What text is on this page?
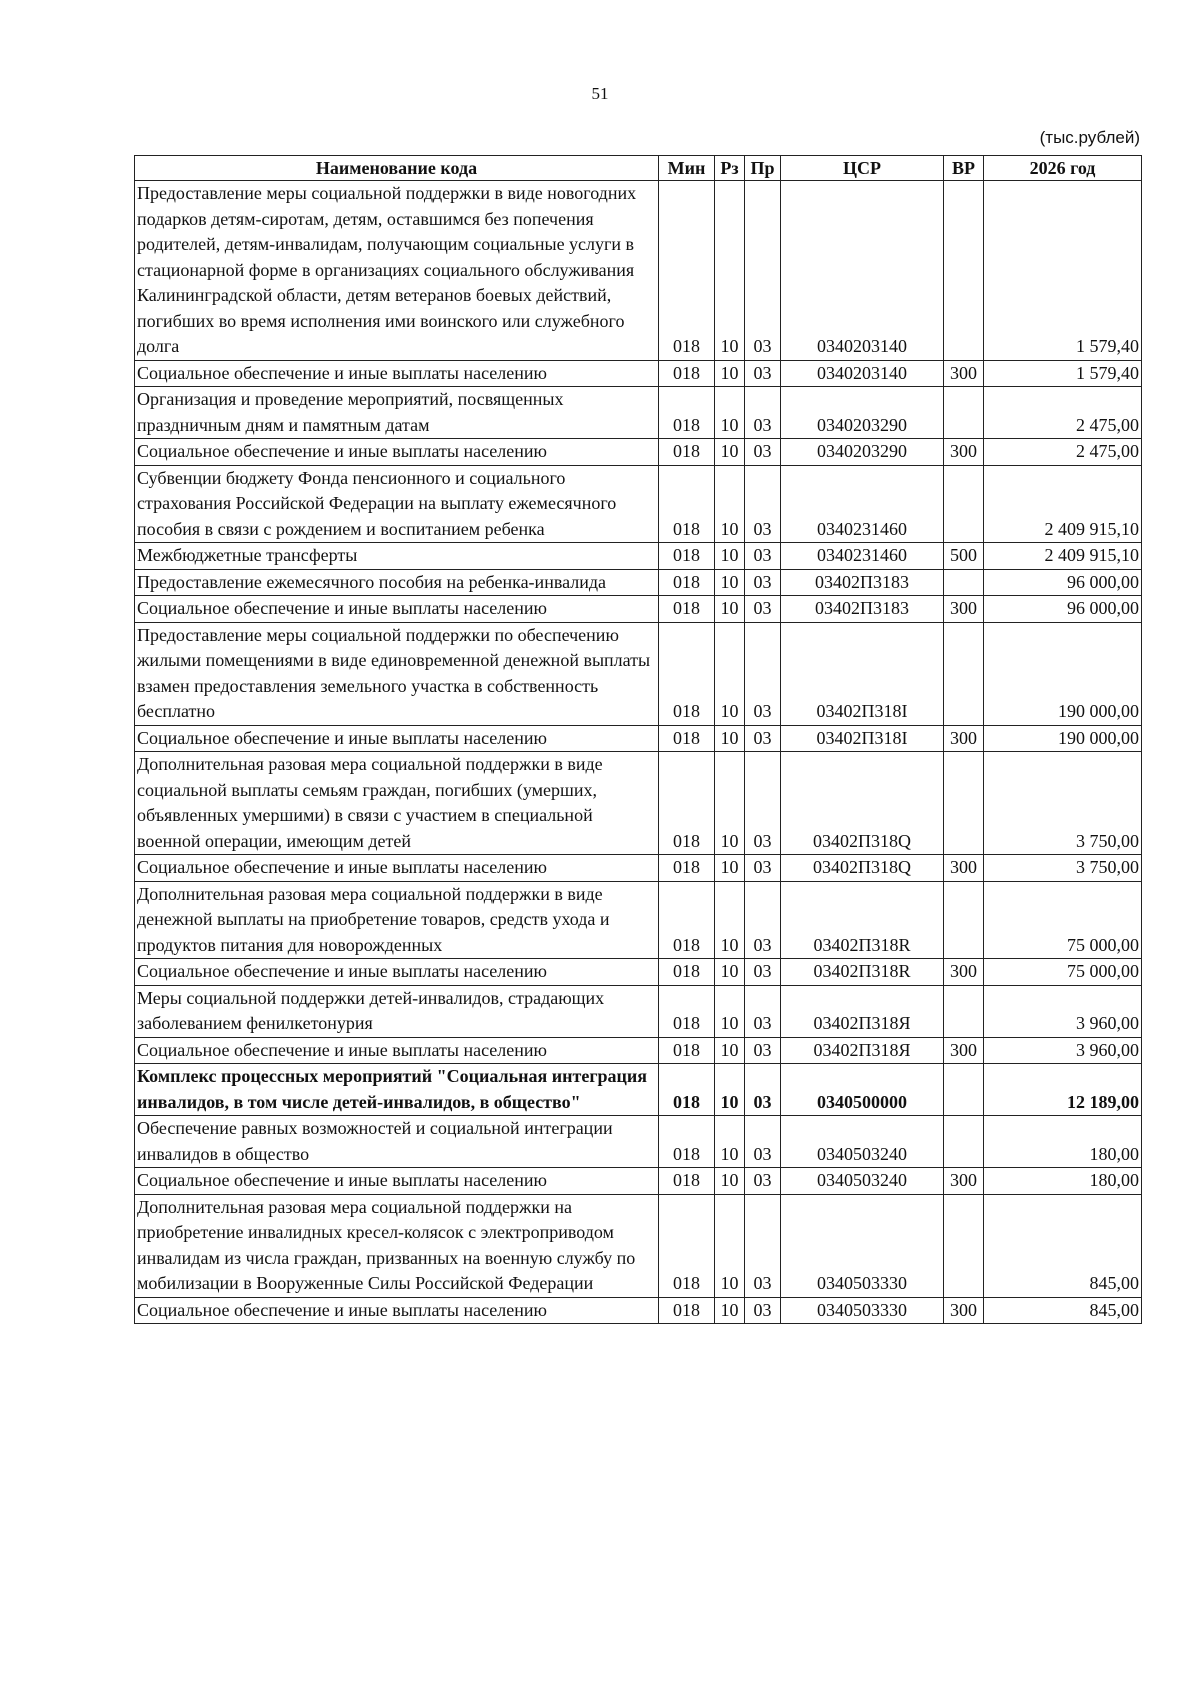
51
(тыс.рублей)
Наименование кода	Мин	Рз	Пр	ЦСР	ВР	2026 год
Предоставление меры социальной поддержки в виде новогодних подарков детям-сиротам, детям, оставшимся без попечения родителей, детям-инвалидам, получающим социальные услуги в стационарной форме в организациях социального обслуживания Калининградской области, детям ветеранов боевых действий, погибших во время исполнения ими воинского или служебного долга	018	10	03	0340203140		1 579,40
Социальное обеспечение и иные выплаты населению	018	10	03	0340203140	300	1 579,40
Организация и проведение мероприятий, посвященных праздничным дням и памятным датам	018	10	03	0340203290		2 475,00
Социальное обеспечение и иные выплаты населению	018	10	03	0340203290	300	2 475,00
Субвенции бюджету Фонда пенсионного и социального страхования Российской Федерации на выплату ежемесячного пособия в связи с рождением и воспитанием ребенка	018	10	03	0340231460		2 409 915,10
Межбюджетные трансферты	018	10	03	0340231460	500	2 409 915,10
Предоставление ежемесячного пособия на ребенка-инвалида	018	10	03	03402П3183		96 000,00
Социальное обеспечение и иные выплаты населению	018	10	03	03402П3183	300	96 000,00
Предоставление меры социальной поддержки по обеспечению жилыми помещениями в виде единовременной денежной выплаты взамен предоставления земельного участка в собственность бесплатно	018	10	03	03402П318I		190 000,00
Социальное обеспечение и иные выплаты населению	018	10	03	03402П318I	300	190 000,00
Дополнительная разовая мера социальной поддержки в виде социальной выплаты семьям граждан, погибших (умерших, объявленных умершими) в связи с участием в специальной военной операции, имеющим детей	018	10	03	03402П318Q		3 750,00
Социальное обеспечение и иные выплаты населению	018	10	03	03402П318Q	300	3 750,00
Дополнительная разовая мера социальной поддержки в виде денежной выплаты на приобретение товаров, средств ухода и продуктов питания для новорожденных	018	10	03	03402П318R		75 000,00
Социальное обеспечение и иные выплаты населению	018	10	03	03402П318R	300	75 000,00
Меры социальной поддержки детей-инвалидов, страдающих заболеванием фенилкетонурия	018	10	03	03402П318Я		3 960,00
Социальное обеспечение и иные выплаты населению	018	10	03	03402П318Я	300	3 960,00
Комплекс процессных мероприятий "Социальная интеграция инвалидов, в том числе детей-инвалидов, в общество"	018	10	03	0340500000		12 189,00
Обеспечение равных возможностей и социальной интеграции инвалидов в общество	018	10	03	0340503240		180,00
Социальное обеспечение и иные выплаты населению	018	10	03	0340503240	300	180,00
Дополнительная разовая мера социальной поддержки на приобретение инвалидных кресел-колясок с электроприводом инвалидам из числа граждан, призванных на военную службу по мобилизации в Вооруженные Силы Российской Федерации	018	10	03	0340503330		845,00
Социальное обеспечение и иные выплаты населению	018	10	03	0340503330	300	845,00
